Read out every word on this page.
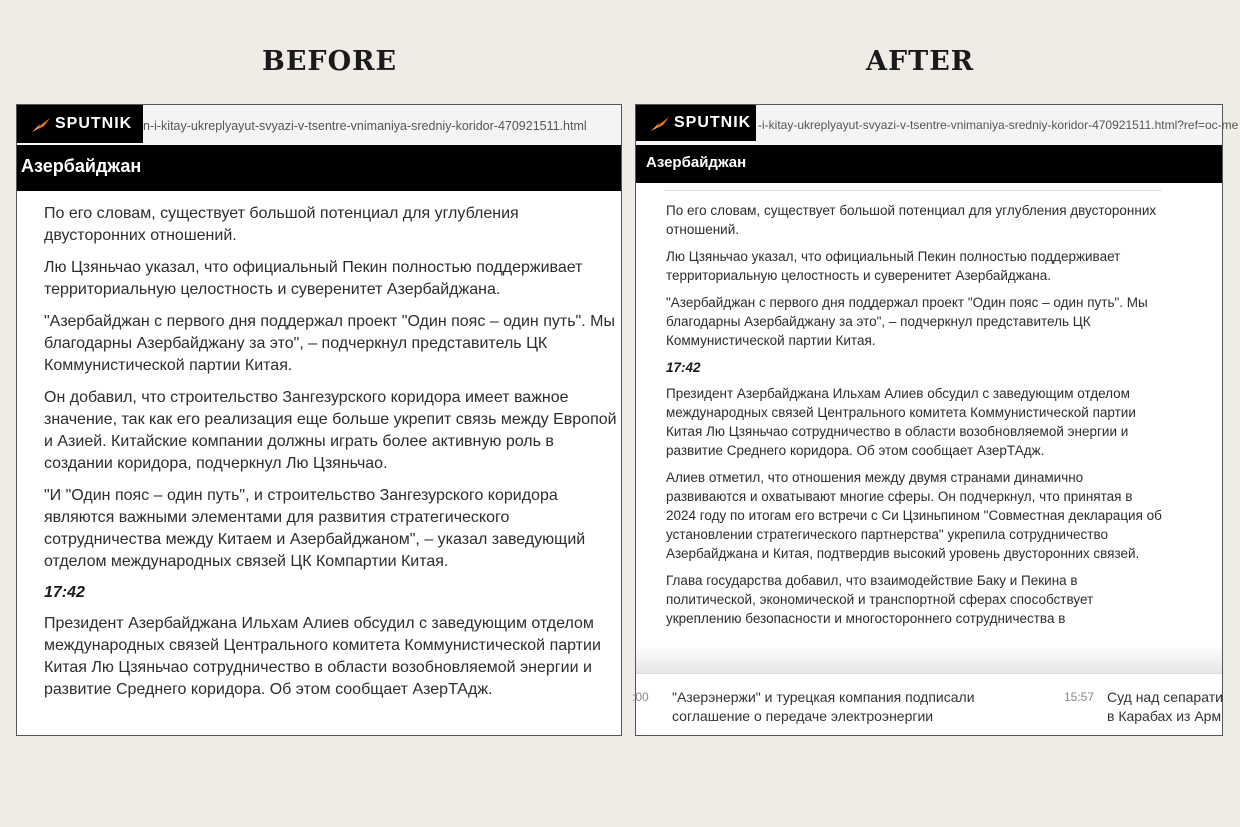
BEFORE	AFTER
n-i-kitay-ukreplyayut-svyazi-v-tsentre-vnimaniya-sredniy-koridor-470921511.html
SPUTNIK
Азербайджан

По его словам, существует большой потенциал для углубления двусторонних отношений.

Лю Цзяньчао указал, что официальный Пекин полностью поддерживает территориальную целостность и суверенитет Азербайджана.

"Азербайджан с первого дня поддержал проект "Один пояс – один путь". Мы благодарны Азербайджану за это", – подчеркнул представитель ЦК Коммунистической партии Китая.

Он добавил, что строительство Зангезурского коридора имеет важное значение, так как его реализация еще больше укрепит связь между Европой и Азией. Китайские компании должны играть более активную роль в создании коридора, подчеркнул Лю Цзяньчао.

"И "Один пояс – один путь", и строительство Зангезурского коридора являются важными элементами для развития стратегического сотрудничества между Китаем и Азербайджаном", – указал заведующий отделом международных связей ЦК Компартии Китая.

17:42

Президент Азербайджана Ильхам Алиев обсудил с заведующим отделом международных связей Центрального комитета Коммунистической партии Китая Лю Цзяньчао сотрудничество в области возобновляемой энергии и развитие Среднего коридора. Об этом сообщает АзерТАдж.

-i-kitay-ukreplyayut-svyazi-v-tsentre-vnimaniya-sredniy-koridor-470921511.html?ref=oc-me
SPUTNIK
Азербайджан

По его словам, существует большой потенциал для углубления двусторонних отношений.

Лю Цзяньчао указал, что официальный Пекин полностью поддерживает территориальную целостность и суверенитет Азербайджана.

"Азербайджан с первого дня поддержал проект "Один пояс – один путь". Мы благодарны Азербайджану за это", – подчеркнул представитель ЦК Коммунистической партии Китая.

17:42

Президент Азербайджана Ильхам Алиев обсудил с заведующим отделом международных связей Центрального комитета Коммунистической партии Китая Лю Цзяньчао сотрудничество в области возобновляемой энергии и развитие Среднего коридора. Об этом сообщает АзерТАдж.

Алиев отметил, что отношения между двумя странами динамично развиваются и охватывают многие сферы. Он подчеркнул, что принятая в 2024 году по итогам его встречи с Си Цзиньпином "Совместная декларация об установлении стратегического партнерства" укрепила сотрудничество Азербайджана и Китая, подтвердив высокий уровень двусторонних связей.

Глава государства добавил, что взаимодействие Баку и Пекина в политической, экономической и транспортной сферах способствует укреплению безопасности и многостороннего сотрудничества в

:00 "Азерэнержи" и турецкая компания подписали
соглашение о передаче электроэнергии
15:57 Суд над сепарати
в Карабах из Арм
